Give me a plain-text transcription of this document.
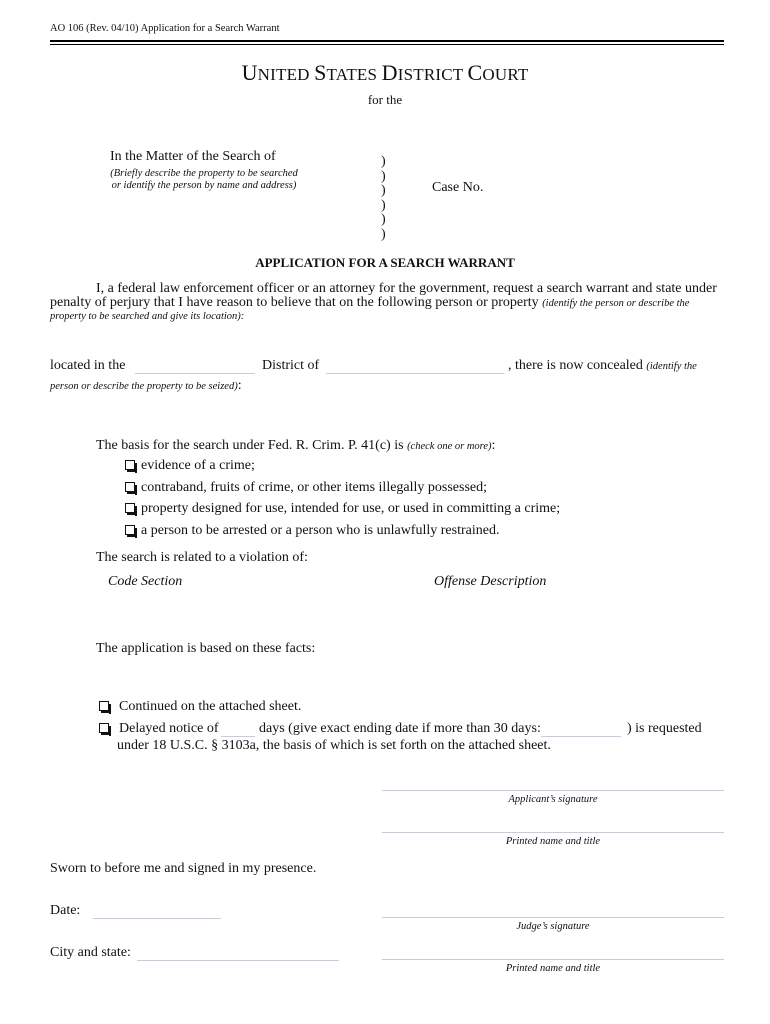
AO 106 (Rev. 04/10) Application for a Search Warrant
UNITED STATES DISTRICT COURT
for the
In the Matter of the Search of
(Briefly describe the property to be searched
or identify the person by name and address)
)
)
)
)
)
)
Case No.
APPLICATION FOR A SEARCH WARRANT
I, a federal law enforcement officer or an attorney for the government, request a search warrant and state under
penalty of perjury that I have reason to believe that on the following person or property (identify the person or describe the
property to be searched and give its location):
located in the	District of	, there is now concealed (identify the
person or describe the property to be seized):
The basis for the search under Fed. R. Crim. P. 41(c) is (check one or more):
evidence of a crime;
contraband, fruits of crime, or other items illegally possessed;
property designed for use, intended for use, or used in committing a crime;
a person to be arrested or a person who is unlawfully restrained.
The search is related to a violation of:
Code Section	Offense Description
The application is based on these facts:
Continued on the attached sheet.
Delayed notice of	days (give exact ending date if more than 30 days:	) is requested
under 18 U.S.C. § 3103a, the basis of which is set forth on the attached sheet.
Applicant’s signature
Printed name and title
Sworn to before me and signed in my presence.
Date:
Judge’s signature
City and state:
Printed name and title
